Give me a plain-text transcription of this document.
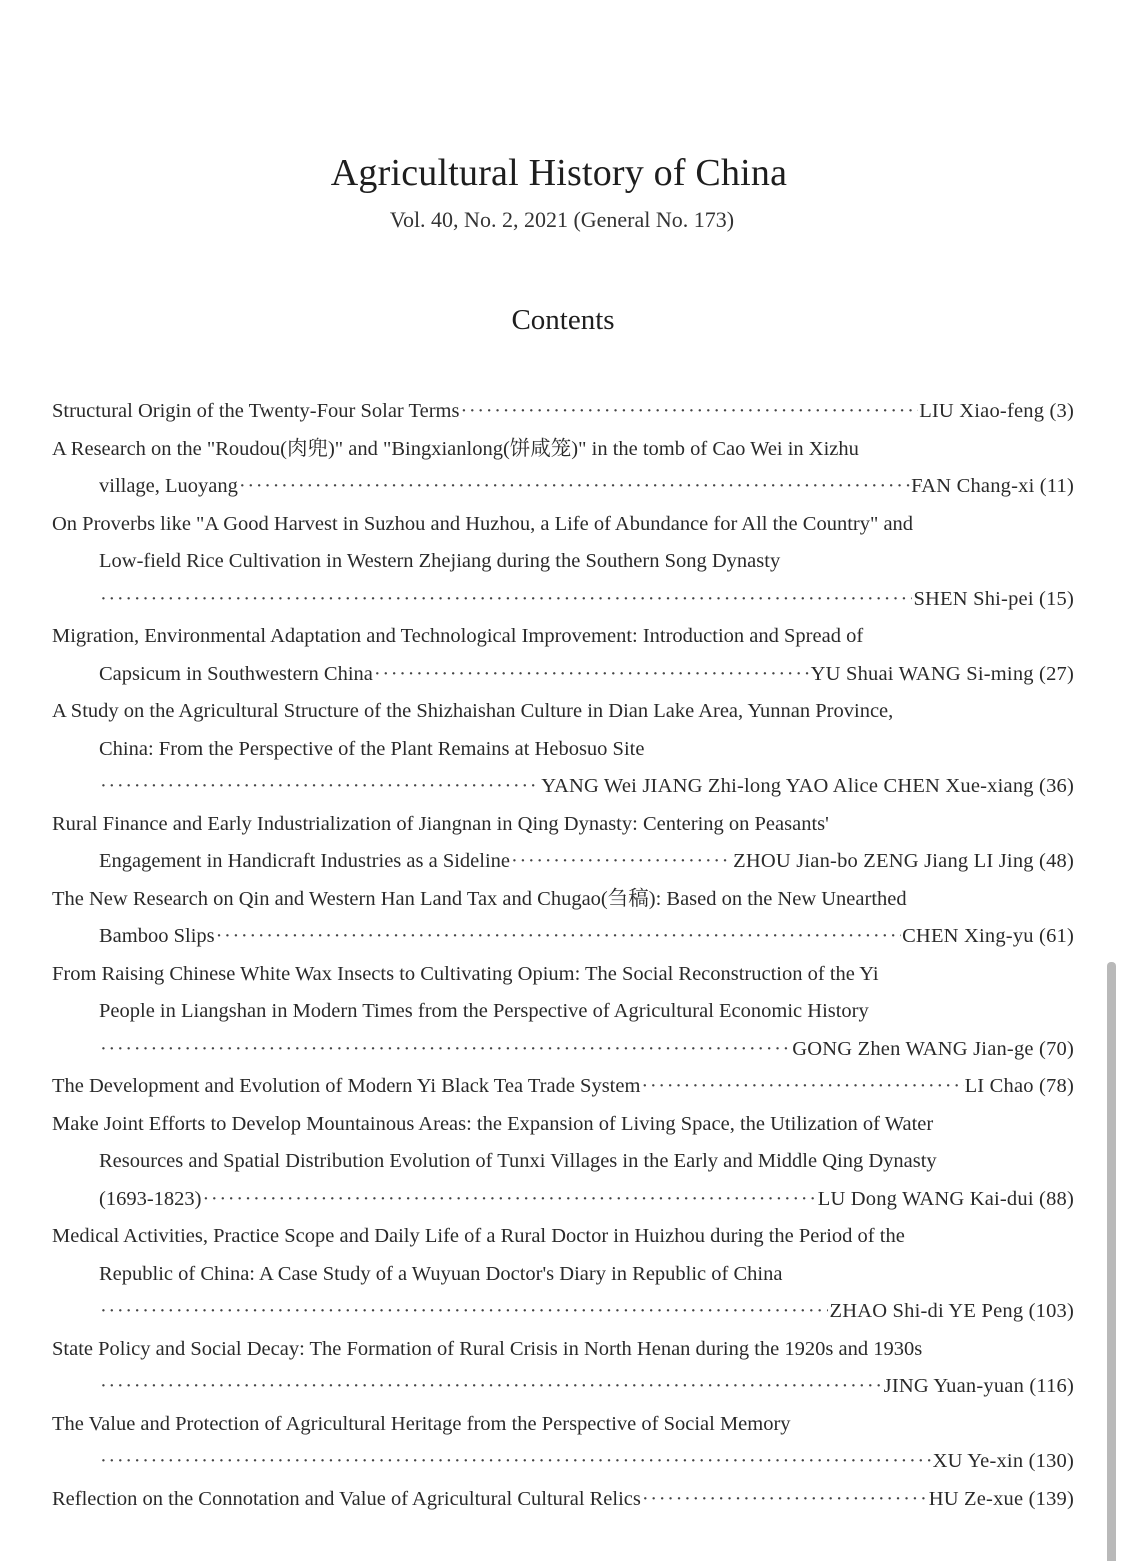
Agricultural History of China
Vol. 40, No. 2, 2021 (General No. 173)
Contents
Structural Origin of the Twenty-Four Solar Terms ·····	LIU Xiao-feng (3)
A Research on the "Roudou(肉兜)" and "Bingxianlong(饼咸笼)" in the tomb of Cao Wei in Xizhu
village, Luoyang ·····	FAN Chang-xi (11)
On Proverbs like "A Good Harvest in Suzhou and Huzhou, a Life of Abundance for All the Country" and
Low-field Rice Cultivation in Western Zhejiang during the Southern Song Dynasty
·····
SHEN Shi-pei (15)
Migration, Environmental Adaptation and Technological Improvement: Introduction and Spread of
Capsicum in Southwestern China ·····	YU Shuai WANG Si-ming (27)
A Study on the Agricultural Structure of the Shizhaishan Culture in Dian Lake Area, Yunnan Province,
China: From the Perspective of the Plant Remains at Hebosuo Site
·····
YANG Wei JIANG Zhi-long YAO Alice CHEN Xue-xiang (36)
Rural Finance and Early Industrialization of Jiangnan in Qing Dynasty: Centering on Peasants'
Engagement in Handicraft Industries as a Sideline ·····	ZHOU Jian-bo ZENG Jiang LI Jing (48)
The New Research on Qin and Western Han Land Tax and Chugao(刍稿): Based on the New Unearthed
Bamboo Slips ·····	CHEN Xing-yu (61)
From Raising Chinese White Wax Insects to Cultivating Opium: The Social Reconstruction of the Yi
People in Liangshan in Modern Times from the Perspective of Agricultural Economic History
·····
GONG Zhen WANG Jian-ge (70)
The Development and Evolution of Modern Yi Black Tea Trade System ·····	LI Chao (78)
Make Joint Efforts to Develop Mountainous Areas: the Expansion of Living Space, the Utilization of Water
Resources and Spatial Distribution Evolution of Tunxi Villages in the Early and Middle Qing Dynasty
(1693-1823) ·····	LU Dong WANG Kai-dui (88)
Medical Activities, Practice Scope and Daily Life of a Rural Doctor in Huizhou during the Period of the
Republic of China: A Case Study of a Wuyuan Doctor's Diary in Republic of China
·····
ZHAO Shi-di YE Peng (103)
State Policy and Social Decay: The Formation of Rural Crisis in North Henan during the 1920s and 1930s
·····
JING Yuan-yuan (116)
The Value and Protection of Agricultural Heritage from the Perspective of Social Memory
·····
XU Ye-xin (130)
Reflection on the Connotation and Value of Agricultural Cultural Relics ·····	HU Ze-xue (139)
